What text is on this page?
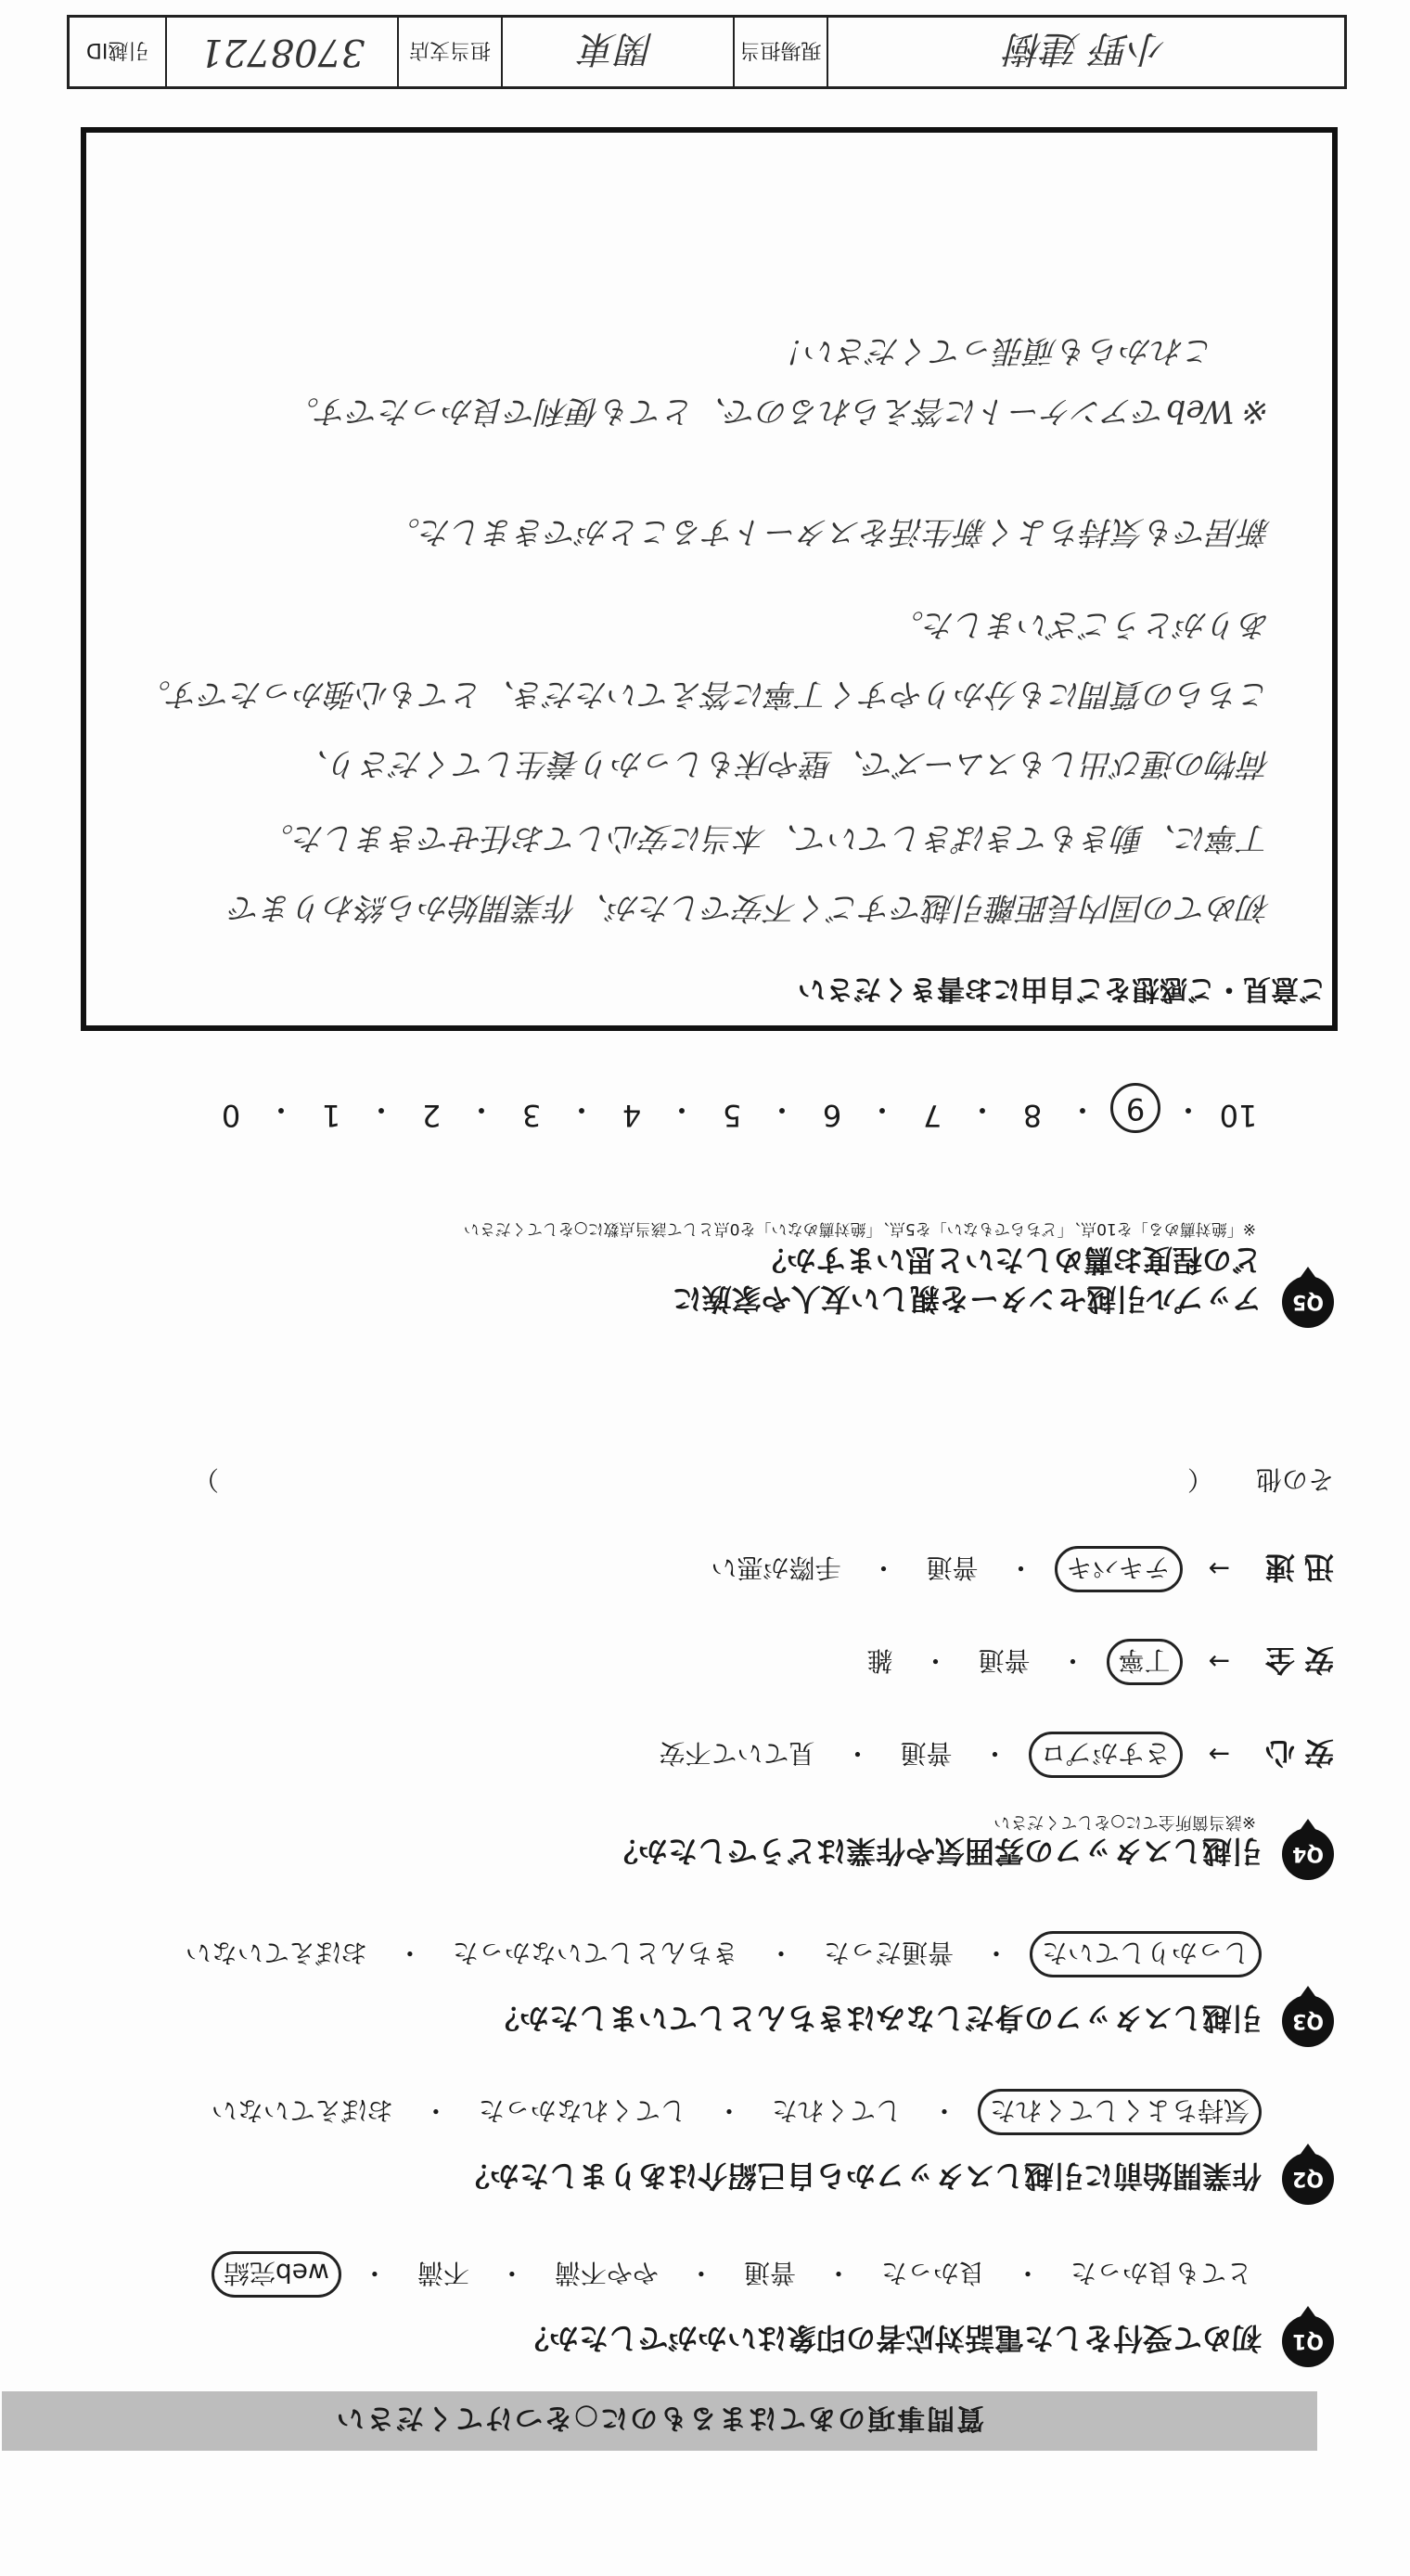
質問事項のあてはまるものに○をつけてください
Q1
初めて受付をした電話対応者の印象はいかがでしたか？
とても良かった
・
良かった
・
普通
・
やや不満
・
不満
・
web完結
Q2
作業開始前に引越しスタッフから自己紹介はありましたか？
気持ちよくしてくれた
・
してくれた
・
してくれなかった
・
おぼえていない
Q3
引越しスタッフの身だしなみはきちんとしていましたか？
しっかりしていた
・
普通だった
・
きちんとしていなかった
・
おぼえていない
Q4
引越しスタッフの雰囲気や作業はどうでしたか？
※該当箇所全てに○をしてください
安心
→
さすがプロ
・
普通
・
見ていて不安
安全
→
丁寧
・
普通
・
雑
迅速
→
テキパキ
・
普通
・
手際が悪い
その他
（
）
Q5
アップル引越センターを親しい友人や家族に
どの程度お薦めしたいと思いますか？
※「絶対薦める」を10点、「どちらでもない」を5点、「絶対薦めない」を0点として該当点数に○をしてください
10
・
9
・
8
・
7
・
6
・
5
・
4
・
3
・
2
・
1
・
0
ご意見・ご感想をご自由にお書きください
初めての国内長距離引越ですごく不安でしたが、作業開始から終わりまで
丁寧に、動きもてきぱきしていて、本当に安心してお任せできました。
荷物の運び出しもスムーズで、壁や床もしっかり養生してくださり、
こちらの質問にも分かりやすく丁寧に答えていただき、とても心強かったです。
ありがとうございました。
新居でも気持ちよく新生活をスタートすることができました。
※ Webでアンケートに答えられるので、とても便利で良かったです。
これからも頑張ってください！
小野 建樹
現場担当
関東
担当支店
3708721
引越ID
